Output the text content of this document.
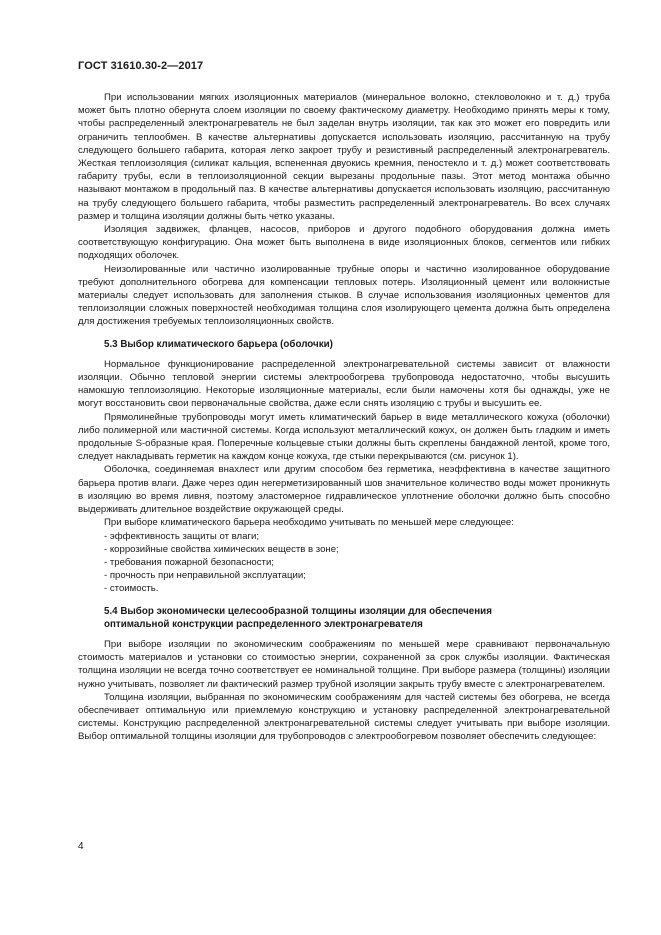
ГОСТ 31610.30-2—2017

При использовании мягких изоляционных материалов (минеральное волокно, стекловолокно и т. д.) труба может быть плотно обернута слоем изоляции по своему фактическому диаметру. Необходимо принять меры к тому, чтобы распределенный электронагреватель не был заделан внутрь изоляции, так как это может его повредить или ограничить теплообмен. В качестве альтернативы допускается использовать изоляцию, рассчитанную на трубу следующего большего габарита, которая легко закроет трубу и резистивный распределенный электронагреватель. Жесткая теплоизоляция (силикат кальция, вспененная двуокись кремния, пеностекло и т. д.) может соответствовать габариту трубы, если в теплоизоляционной секции вырезаны продольные пазы. Этот метод монтажа обычно называют монтажом в продольный паз. В качестве альтернативы допускается использовать изоляцию, рассчитанную на трубу следующего большего габарита, чтобы разместить распределенный электронагреватель. Во всех случаях размер и толщина изоляции должны быть четко указаны.

Изоляция задвижек, фланцев, насосов, приборов и другого подобного оборудования должна иметь соответствующую конфигурацию. Она может быть выполнена в виде изоляционных блоков, сегментов или гибких подходящих оболочек.

Неизолированные или частично изолированные трубные опоры и частично изолированное оборудование требуют дополнительного обогрева для компенсации тепловых потерь. Изоляционный цемент или волокнистые материалы следует использовать для заполнения стыков. В случае использования изоляционных цементов для теплоизоляции сложных поверхностей необходимая толщина слоя изолирующего цемента должна быть определена для достижения требуемых теплоизоляционных свойств.

5.3 Выбор климатического барьера (оболочки)

Нормальное функционирование распределенной электронагревательной системы зависит от влажности изоляции. Обычно тепловой энергии системы электрообогрева трубопровода недостаточно, чтобы высушить намокшую теплоизоляцию. Некоторые изоляционные материалы, если были намочены хотя бы однажды, уже не могут восстановить свои первоначальные свойства, даже если снять изоляцию с трубы и высушить ее.

Прямолинейные трубопроводы могут иметь климатический барьер в виде металлического кожуха (оболочки) либо полимерной или мастичной системы. Когда используют металлический кожух, он должен быть гладким и иметь продольные S-образные края. Поперечные кольцевые стыки должны быть скреплены бандажной лентой, кроме того, следует накладывать герметик на каждом конце кожуха, где стыки перекрываются (см. рисунок 1).

Оболочка, соединяемая внахлест или другим способом без герметика, неэффективна в качестве защитного барьера против влаги. Даже через один негерметизированный шов значительное количество воды может проникнуть в изоляцию во время ливня, поэтому эластомерное гидравлическое уплотнение оболочки должно быть способно выдерживать длительное воздействие окружающей среды.

При выборе климатического барьера необходимо учитывать по меньшей мере следующее:

- эффективность защиты от влаги;

- коррозийные свойства химических веществ в зоне;

- требования пожарной безопасности;

- прочность при неправильной эксплуатации;

- стоимость.

5.4 Выбор экономически целесообразной толщины изоляции для обеспечения
оптимальной конструкции распределенного электронагревателя

При выборе изоляции по экономическим соображениям по меньшей мере сравнивают первоначальную стоимость материалов и установки со стоимостью энергии, сохраненной за срок службы изоляции. Фактическая толщина изоляции не всегда точно соответствует ее номинальной толщине. При выборе размера (толщины) изоляции нужно учитывать, позволяет ли фактический размер трубной изоляции закрыть трубу вместе с электронагревателем.

Толщина изоляции, выбранная по экономическим соображениям для частей системы без обогрева, не всегда обеспечивает оптимальную или приемлемую конструкцию и установку распределенной электронагревательной системы. Конструкцию распределенной электронагревательной системы следует учитывать при выборе изоляции. Выбор оптимальной толщины изоляции для трубопроводов с электрообогревом позволяет обеспечить следующее:

4
